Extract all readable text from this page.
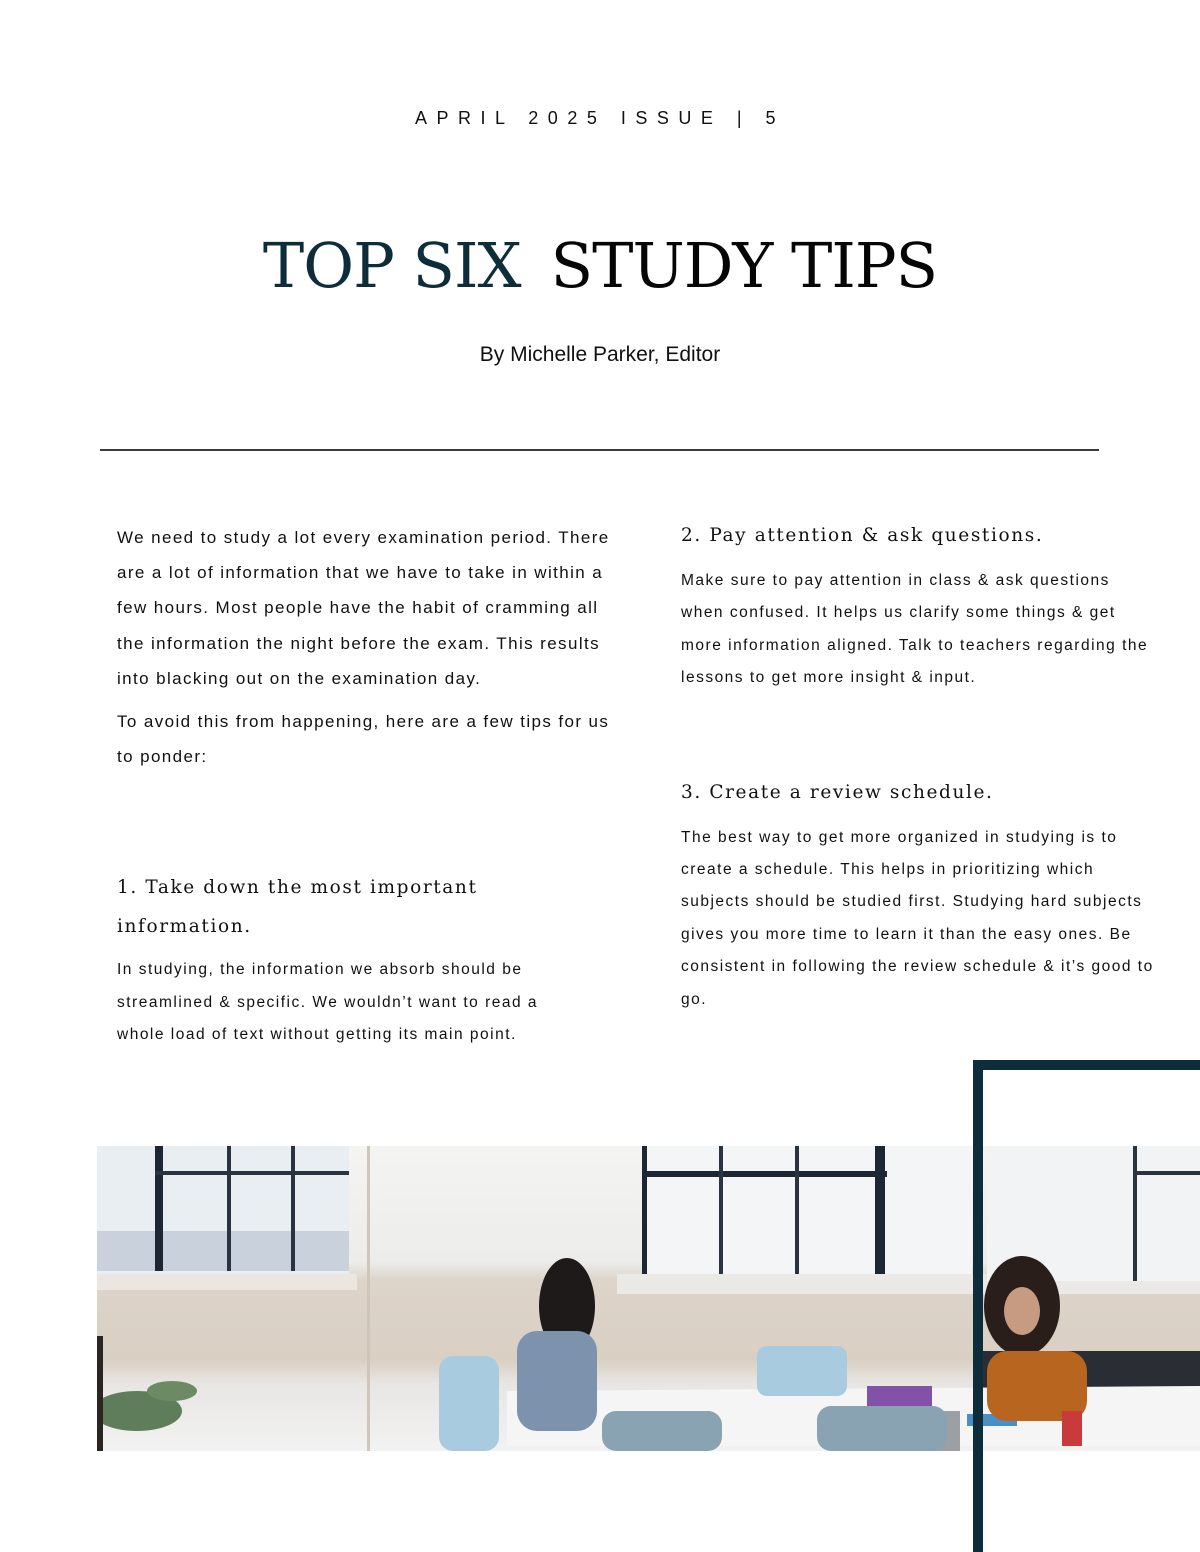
APRIL 2025 ISSUE | 5
TOP SIX STUDY TIPS
By Michelle Parker, Editor

We need to study a lot every examination period. There are a lot of information that we have to take in within a few hours. Most people have the habit of cramming all the information the night before the exam. This results into blacking out on the examination day.

To avoid this from happening, here are a few tips for us to ponder:

1. Take down the most important information.

In studying, the information we absorb should be streamlined & specific. We wouldn’t want to read a whole load of text without getting its main point.

2. Pay attention & ask questions.

Make sure to pay attention in class & ask questions when confused. It helps us clarify some things & get more information aligned. Talk to teachers regarding the lessons to get more insight & input.

3. Create a review schedule.

The best way to get more organized in studying is to create a schedule. This helps in prioritizing which subjects should be studied first. Studying hard subjects gives you more time to learn it than the easy ones. Be consistent in following the review schedule & it’s good to go.
